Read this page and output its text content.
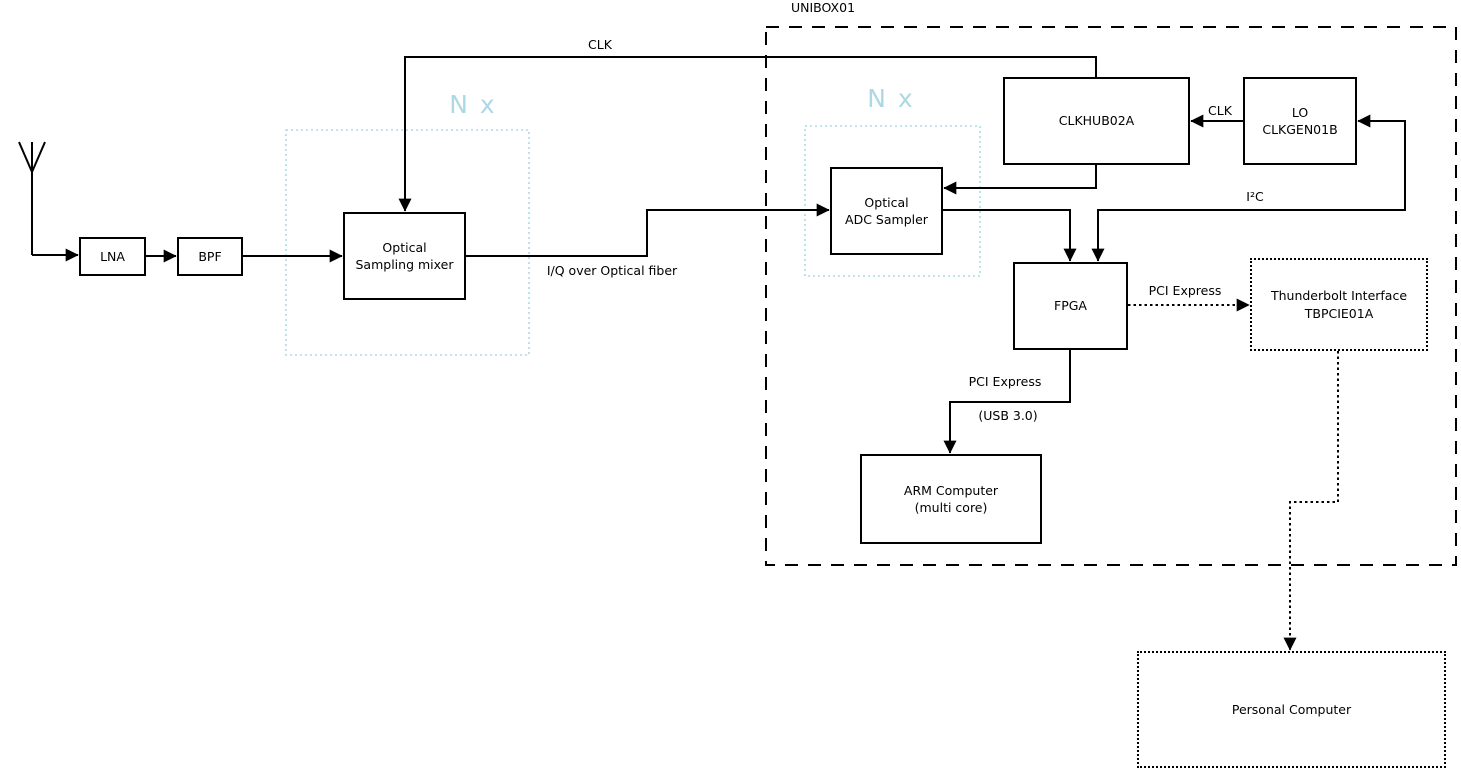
UNIBOX01
N x	N x
CLK
I/Q over Optical fiber
CLK
I²C
PCI Express
PCI Express
(USB 3.0)
LNA	BPF
Optical
Sampling mixer
Optical
ADC Sampler
CLKHUB02A
LO
CLKGEN01B
FPGA
Thunderbolt Interface
TBPCIE01A
ARM Computer
(multi core)
Personal Computer
